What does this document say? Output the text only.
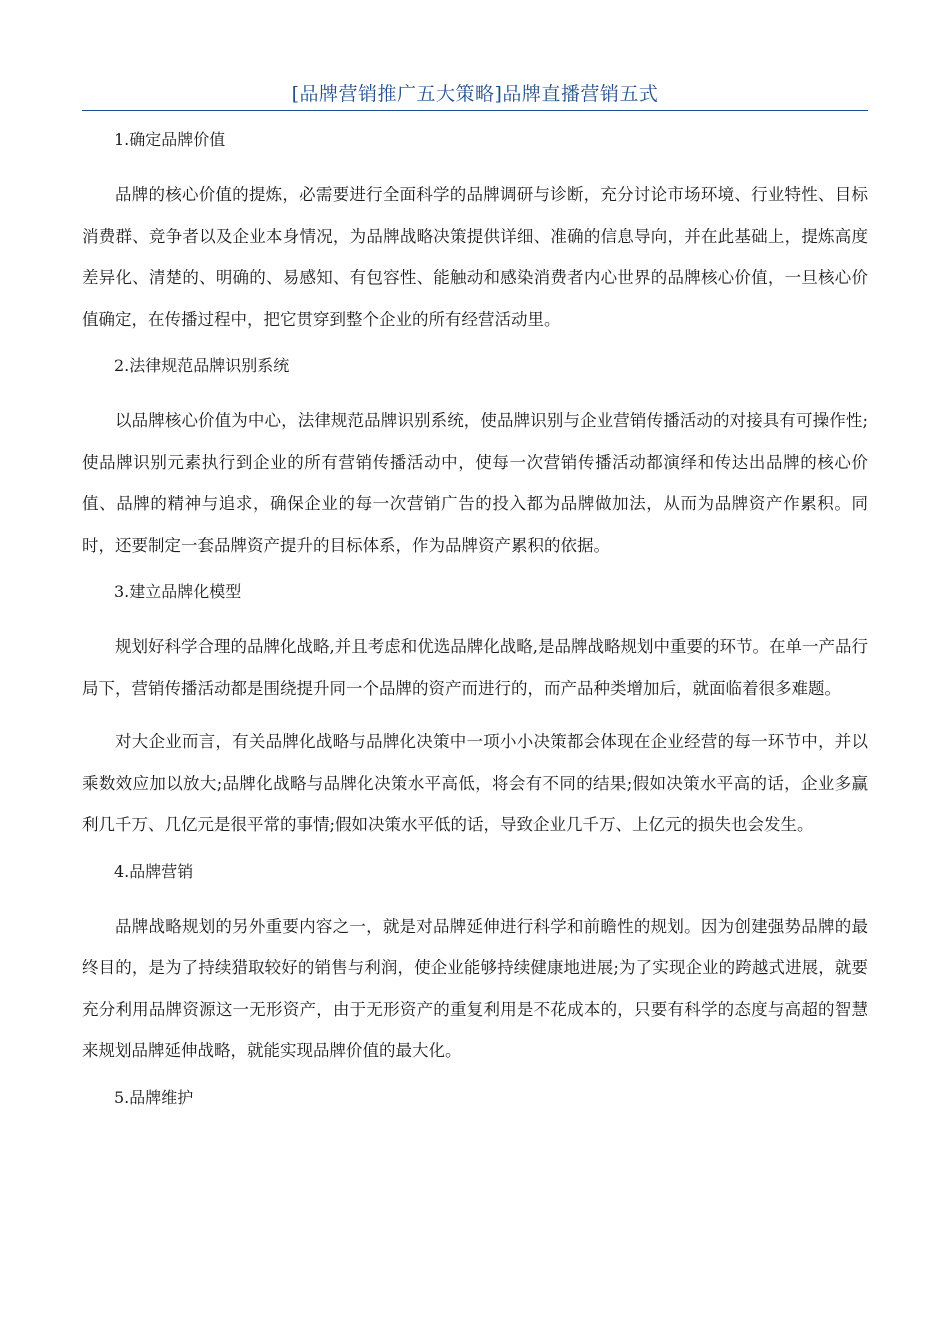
[品牌营销推广五大策略]品牌直播营销五式
1.确定品牌价值

品牌的核心价值的提炼，必需要进行全面科学的品牌调研与诊断，充分讨论市场环境、行业特性、目标消费群、竞争者以及企业本身情况，为品牌战略决策提供详细、准确的信息导向，并在此基础上，提炼高度差异化、清楚的、明确的、易感知、有包容性、能触动和感染消费者内心世界的品牌核心价值，一旦核心价值确定，在传播过程中，把它贯穿到整个企业的所有经营活动里。

2.法律规范品牌识别系统

以品牌核心价值为中心，法律规范品牌识别系统，使品牌识别与企业营销传播活动的对接具有可操作性;使品牌识别元素执行到企业的所有营销传播活动中，使每一次营销传播活动都演绎和传达出品牌的核心价值、品牌的精神与追求，确保企业的每一次营销广告的投入都为品牌做加法，从而为品牌资产作累积。同时，还要制定一套品牌资产提升的目标体系，作为品牌资产累积的依据。

3.建立品牌化模型

规划好科学合理的品牌化战略,并且考虑和优选品牌化战略,是品牌战略规划中重要的环节。在单一产品行局下，营销传播活动都是围绕提升同一个品牌的资产而进行的，而产品种类增加后，就面临着很多难题。

对大企业而言，有关品牌化战略与品牌化决策中一项小小决策都会体现在企业经营的每一环节中，并以乘数效应加以放大;品牌化战略与品牌化决策水平高低，将会有不同的结果;假如决策水平高的话，企业多赢利几千万、几亿元是很平常的事情;假如决策水平低的话，导致企业几千万、上亿元的损失也会发生。

4.品牌营销

品牌战略规划的另外重要内容之一，就是对品牌延伸进行科学和前瞻性的规划。因为创建强势品牌的最终目的，是为了持续猎取较好的销售与利润，使企业能够持续健康地进展;为了实现企业的跨越式进展，就要充分利用品牌资源这一无形资产，由于无形资产的重复利用是不花成本的，只要有科学的态度与高超的智慧来规划品牌延伸战略，就能实现品牌价值的最大化。

5.品牌维护
